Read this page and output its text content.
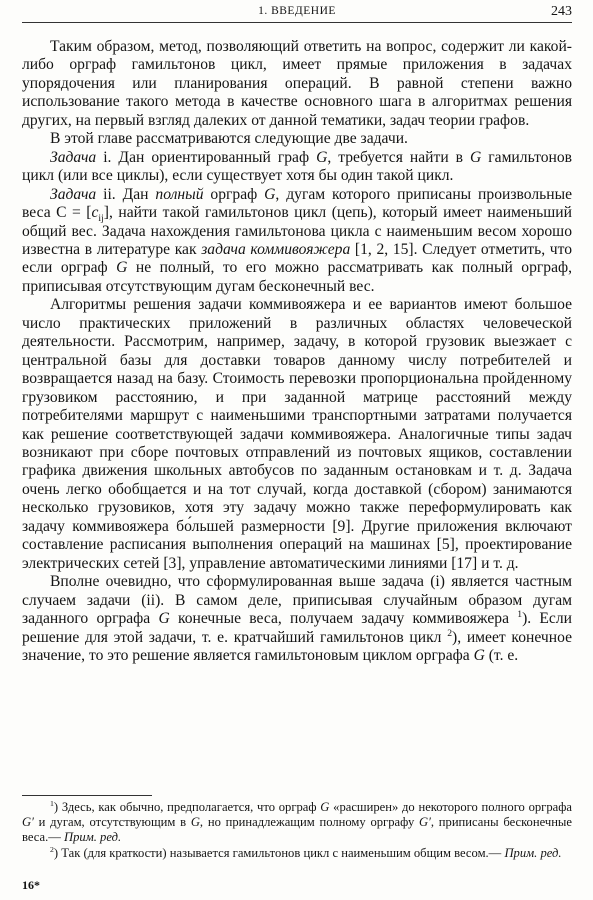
1. ВВЕДЕНИЕ	243

Таким образом, метод, позволяющий ответить на вопрос, содержит ли какой-либо орграф гамильтонов цикл, имеет прямые приложения в задачах упорядочения или планирования операций. В равной степени важно использование такого метода в качестве основного шага в алгоритмах решения других, на первый взгляд далеких от данной тематики, задач теории графов.

В этой главе рассматриваются следующие две задачи.

Задача i. Дан ориентированный граф G, требуется найти в G гамильтонов цикл (или все циклы), если существует хотя бы один такой цикл.

Задача ii. Дан полный орграф G, дугам которого приписаны произвольные веса $C = [c_{ij}]$, найти такой гамильтонов цикл (цепь), который имеет наименьший общий вес. Задача нахождения гамильтонова цикла с наименьшим весом хорошо известна в литературе как задача коммивояжера [1, 2, 15]. Следует отметить, что если орграф G не полный, то его можно рассматривать как полный орграф, приписывая отсутствующим дугам бесконечный вес.

Алгоритмы решения задачи коммивояжера и ее вариантов имеют большое число практических приложений в различных областях человеческой деятельности. Рассмотрим, например, задачу, в которой грузовик выезжает с центральной базы для доставки товаров данному числу потребителей и возвращается назад на базу. Стоимость перевозки пропорциональна пройденному грузовиком расстоянию, и при заданной матрице расстояний между потребителями маршрут с наименьшими транспортными затратами получается как решение соответствующей задачи коммивояжера. Аналогичные типы задач возникают при сборе почтовых отправлений из почтовых ящиков, составлении графика движения школьных автобусов по заданным остановкам и т. д. Задача очень легко обобщается и на тот случай, когда доставкой (сбором) занимаются несколько грузовиков, хотя эту задачу можно также переформулировать как задачу коммивояжера бо́льшей размерности [9]. Другие приложения включают составление расписания выполнения операций на машинах [5], проектирование электрических сетей [3], управление автоматическими линиями [17] и т. д.

Вполне очевидно, что сформулированная выше задача (i) является частным случаем задачи (ii). В самом деле, приписывая случайным образом дугам заданного орграфа G конечные веса, получаем задачу коммивояжера $^1$). Если решение для этой задачи, т. е. кратчайший гамильтонов цикл $^2$), имеет конечное значение, то это решение является гамильтоновым циклом орграфа G (т. е.

$^1$) Здесь, как обычно, предполагается, что орграф G «расширен» до некоторого полного орграфа G′ и дугам, отсутствующим в G, но принадлежащим полному орграфу G′, приписаны бесконечные веса.— Прим. ред.

$^2$) Так (для краткости) называется гамильтонов цикл с наименьшим общим весом.— Прим. ред.

16*
